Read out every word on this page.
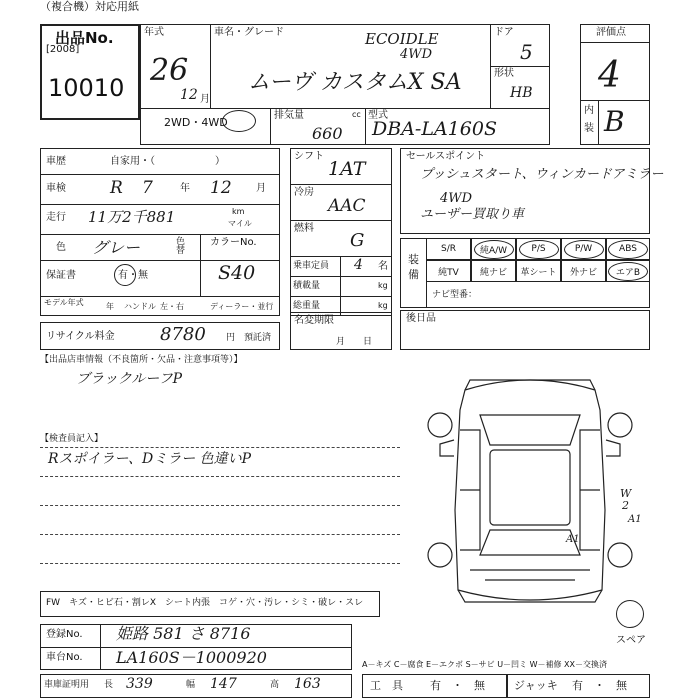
（複合機）対応用紙
出品No.
[2008]
10010
年式
26
12 月
車名・グレード	ECOIDLE
4WD
ムーヴ カスタムX SA
ドア
5
形状
HB
2WD・4WD
排気量	cc
660
型式
DBA-LA160S
評価点
4
内
装 B
車歴	自家用・（　　　　　　）
車検	R 7	年 12 月
走行 11万2千881	km
マイル
色 グレー	色替
カラーNo.
S40
保証書	有・無
モデル年式	年 ハンドル 左・右	ディーラー・並行
リサイクル料金	8780 円 預託済
シフト
1AT
冷房
AAC
燃料
G
乗車定員 4 名
積載量	kg
総重量	kg
名変期限
月　　日
セールスポイント
プッシュスタート、ウィンカードアミラー
4WD
ユーザー買取り車
装備
S/R	純A/W	P/S	P/W	ABS
純TV	純ナビ	革シート	外ナビ	エアB
ナビ型番：
後日品
【出品店車情報（不良箇所・欠品・注意事項等）】
ブラックルーフP
【検査員記入】
Rスポイラー、Dミラー 色違いP
W
2
A1
A1
スペア
FW　キズ・ヒビ石・割レX　シート内張　コゲ・穴・汚レ・シミ・破レ・スレ
登録No. 姫路 581 さ 8716
車台No. LA160S－1000920	A－キズ C－腐食 E－エクボ S－サビ U－凹ミ W－補修 XX－交換済
車庫証明用 長 339	幅 147	高 163	工　具 有　・　無	ジャッキ 有　・　無
